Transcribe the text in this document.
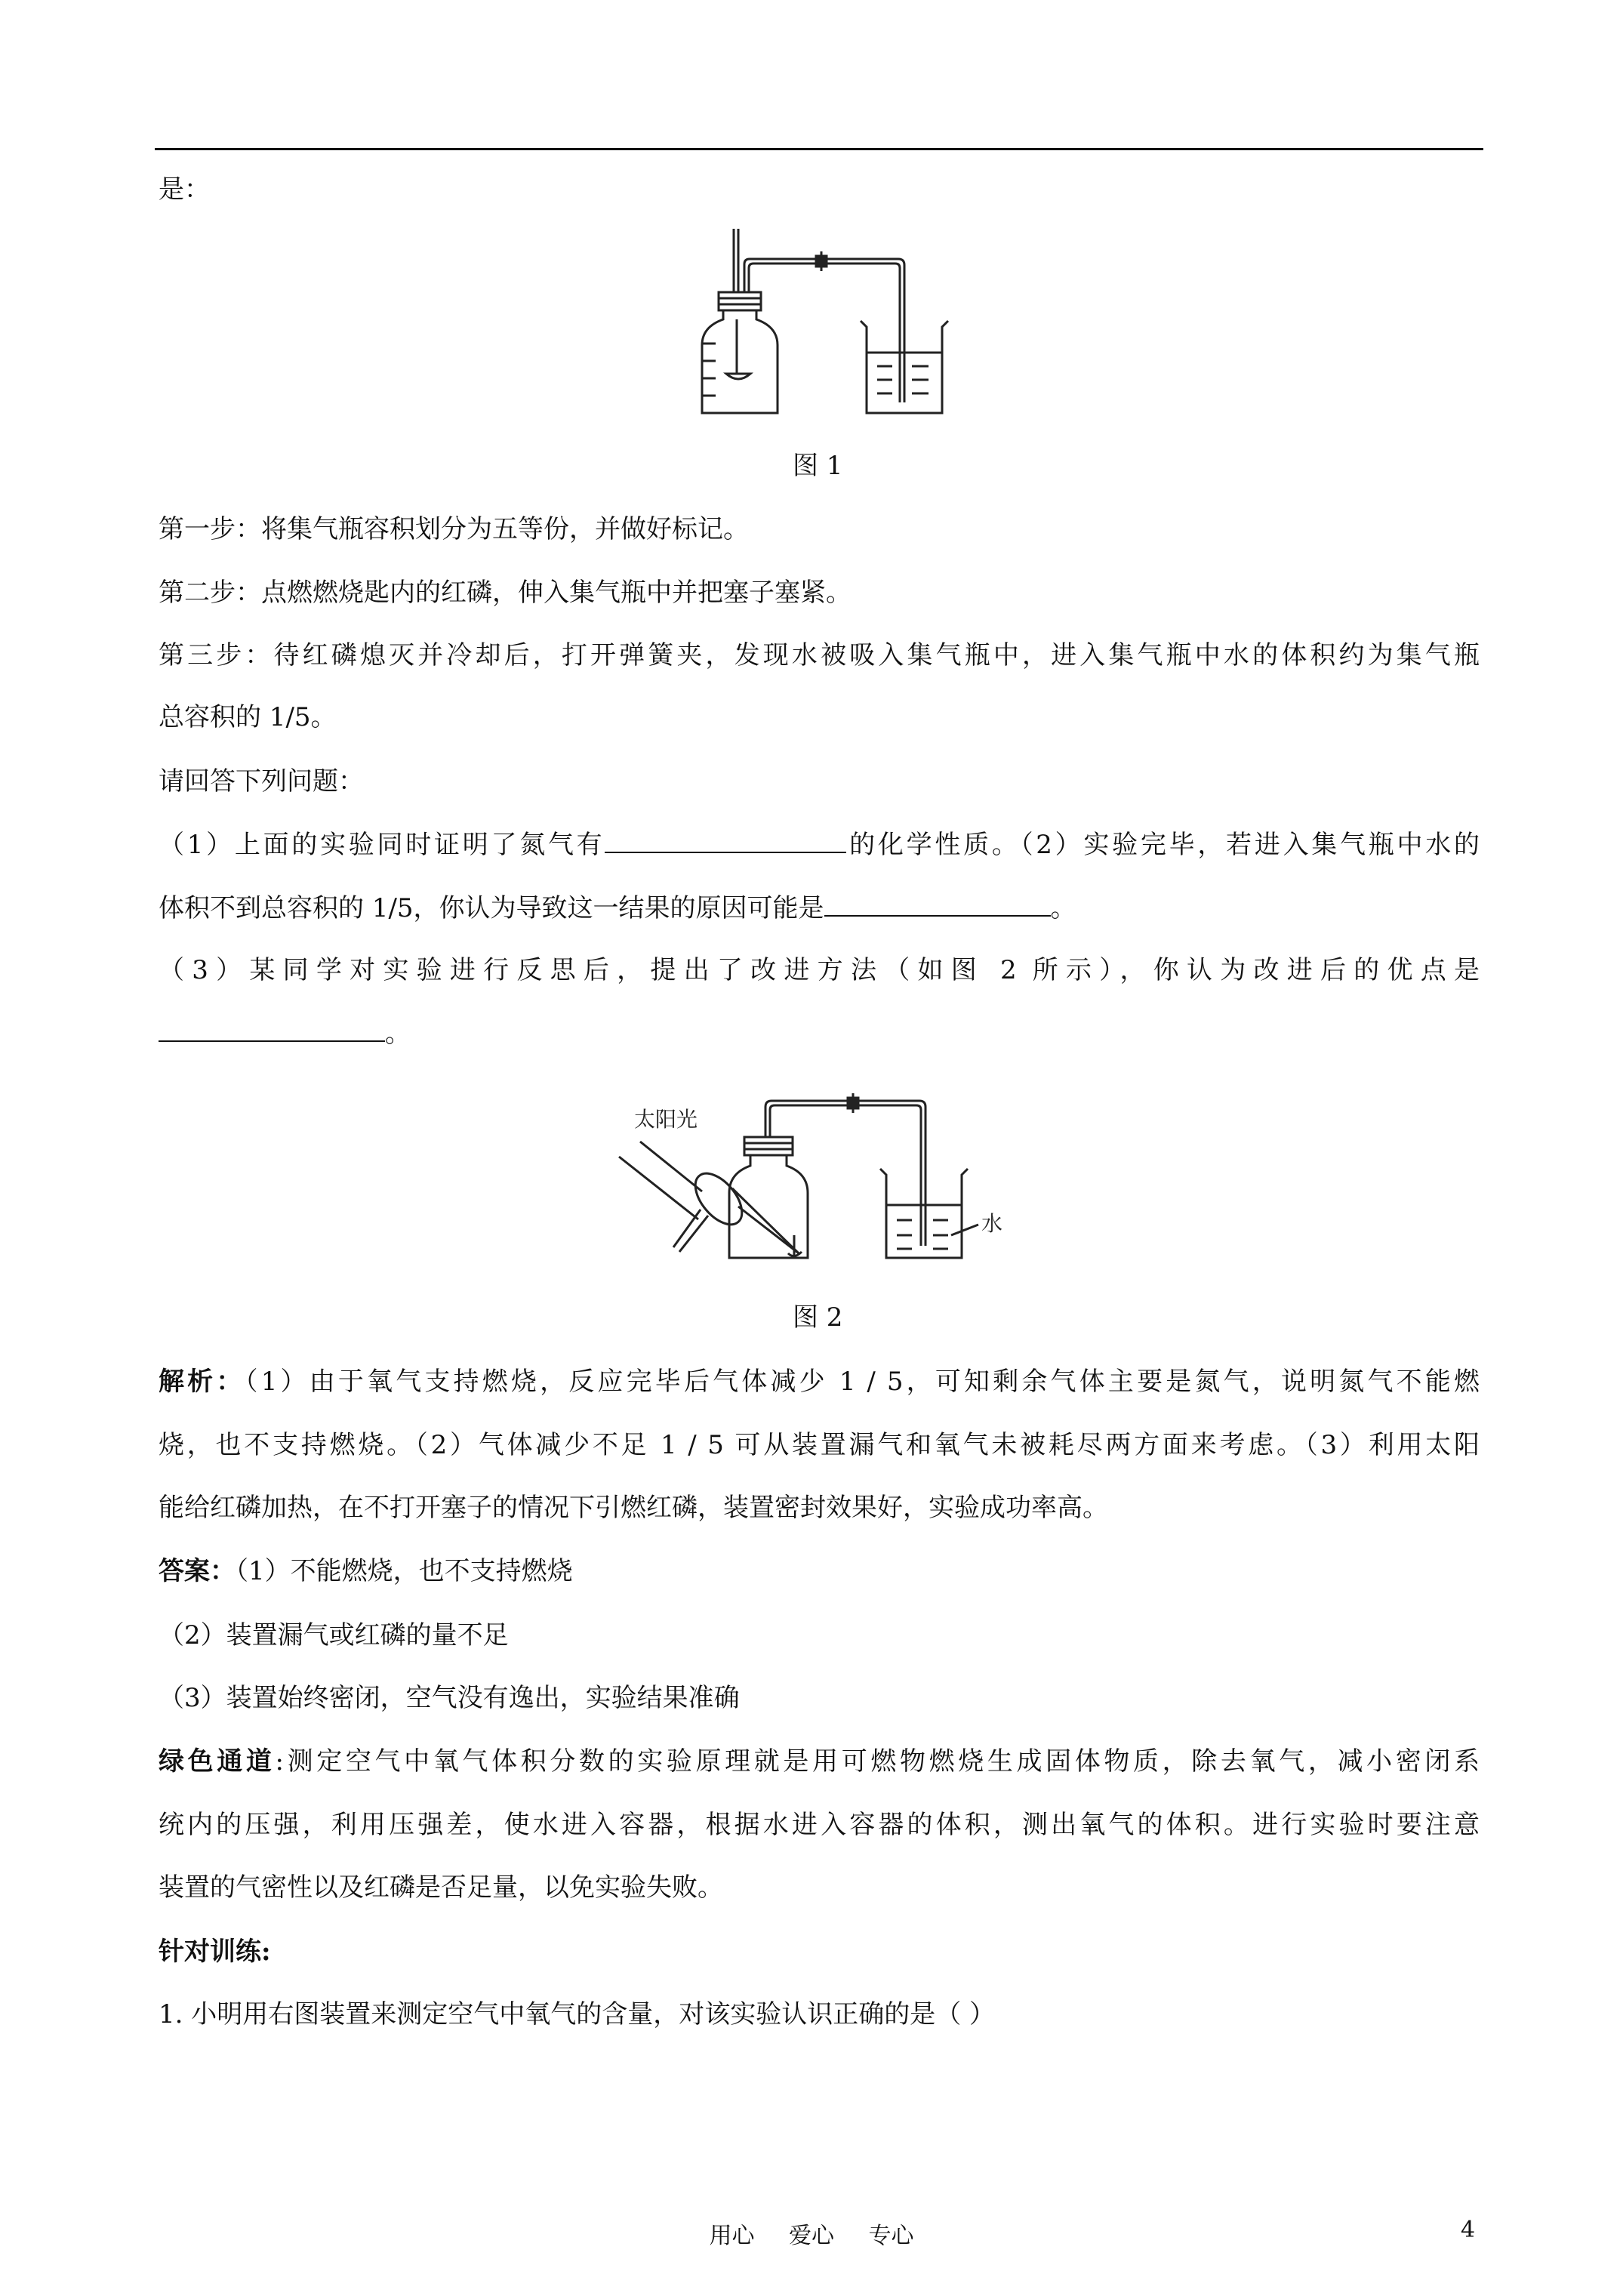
是：

图 1

第一步：将集气瓶容积划分为五等份，并做好标记。

第二步：点燃燃烧匙内的红磷，伸入集气瓶中并把塞子塞紧。

第三步：待红磷熄灭并冷却后，打开弹簧夹，发现水被吸入集气瓶中，进入集气瓶中水的体积约为集气瓶

总容积的 1/5。

请回答下列问题：

（1）上面的实验同时证明了氮气有	的化学性质。（2）实验完毕，若进入集气瓶中水的

体积不到总容积的 1/5，你认为导致这一结果的原因可能是	。

（3）某同学对实验进行反思后，提出了改进方法（如图 2 所示），你认为改进后的优点是

。

太阳光
水
图 2

解析：（1）由于氧气支持燃烧，反应完毕后气体减少 1 / 5，可知剩余气体主要是氮气，说明氮气不能燃

烧，也不支持燃烧。（2）气体减少不足 1 / 5 可从装置漏气和氧气未被耗尽两方面来考虑。（3）利用太阳

能给红磷加热，在不打开塞子的情况下引燃红磷，装置密封效果好，实验成功率高。

答案：（1）不能燃烧，也不支持燃烧

（2）装置漏气或红磷的量不足

（3）装置始终密闭，空气没有逸出，实验结果准确

绿色通道:测定空气中氧气体积分数的实验原理就是用可燃物燃烧生成固体物质，除去氧气，减小密闭系

统内的压强，利用压强差，使水进入容器，根据水进入容器的体积，测出氧气的体积。进行实验时要注意

装置的气密性以及红磷是否足量，以免实验失败。

针对训练:

1. 小明用右图装置来测定空气中氧气的含量，对该实验认识正确的是（ ）

用心 爱心 专心	4
